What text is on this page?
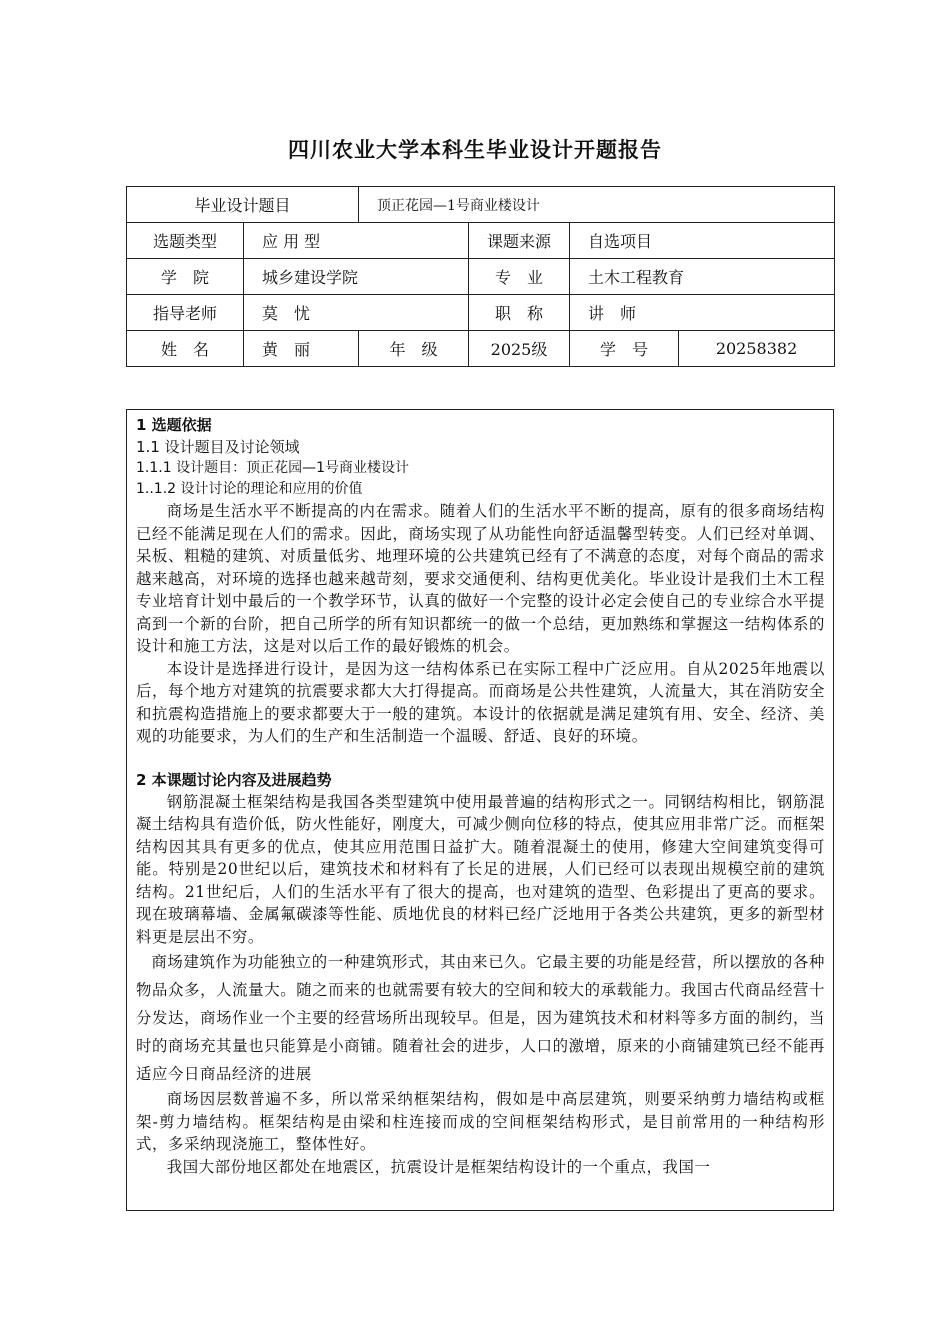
四川农业大学本科生毕业设计开题报告
毕业设计题目		顶正花园—1号商业楼设计			
选题类型	应 用 型		课题来源	自选项目	
学　院	城乡建设学院		专　业	土木工程教育	
指导老师	莫　忧		职　称	讲　师	
姓　名	黄　丽	年　级	2025级	学　号	20258382

1 选题依据

1.1 设计题目及讨论领域

1.1.1 设计题目：顶正花园—1号商业楼设计

1..1.2 设计讨论的理论和应用的价值

商场是生活水平不断提高的内在需求。随着人们的生活水平不断的提高，原有的很多商场结构已经不能满足现在人们的需求。因此，商场实现了从功能性向舒适温馨型转变。人们已经对单调、呆板、粗糙的建筑、对质量低劣、地理环境的公共建筑已经有了不满意的态度，对每个商品的需求越来越高，对环境的选择也越来越苛刻，要求交通便利、结构更优美化。毕业设计是我们土木工程专业培育计划中最后的一个教学环节，认真的做好一个完整的设计必定会使自己的专业综合水平提高到一个新的台阶，把自己所学的所有知识都统一的做一个总结，更加熟练和掌握这一结构体系的设计和施工方法，这是对以后工作的最好锻炼的机会。

本设计是选择进行设计，是因为这一结构体系已在实际工程中广泛应用。自从2025年地震以后，每个地方对建筑的抗震要求都大大打得提高。而商场是公共性建筑，人流量大，其在消防安全和抗震构造措施上的要求都要大于一般的建筑。本设计的依据就是满足建筑有用、安全、经济、美观的功能要求，为人们的生产和生活制造一个温暖、舒适、良好的环境。

2 本课题讨论内容及进展趋势

钢筋混凝土框架结构是我国各类型建筑中使用最普遍的结构形式之一。同钢结构相比，钢筋混凝土结构具有造价低，防火性能好，刚度大，可减少侧向位移的特点，使其应用非常广泛。而框架结构因其具有更多的优点，使其应用范围日益扩大。随着混凝土的使用，修建大空间建筑变得可能。特别是20世纪以后，建筑技术和材料有了长足的进展，人们已经可以表现出规模空前的建筑结构。21世纪后，人们的生活水平有了很大的提高，也对建筑的造型、色彩提出了更高的要求。现在玻璃幕墙、金属氟碳漆等性能、质地优良的材料已经广泛地用于各类公共建筑，更多的新型材料更是层出不穷。

商场建筑作为功能独立的一种建筑形式，其由来已久。它最主要的功能是经营，所以摆放的各种物品众多，人流量大。随之而来的也就需要有较大的空间和较大的承载能力。我国古代商品经营十分发达，商场作业一个主要的经营场所出现较早。但是，因为建筑技术和材料等多方面的制约，当时的商场充其量也只能算是小商铺。随着社会的进步，人口的激增，原来的小商铺建筑已经不能再适应今日商品经济的进展

商场因层数普遍不多，所以常采纳框架结构，假如是中高层建筑，则要采纳剪力墙结构或框架-剪力墙结构。框架结构是由梁和柱连接而成的空间框架结构形式，是目前常用的一种结构形式，多采纳现浇施工，整体性好。

我国大部份地区都处在地震区，抗震设计是框架结构设计的一个重点，我国一
